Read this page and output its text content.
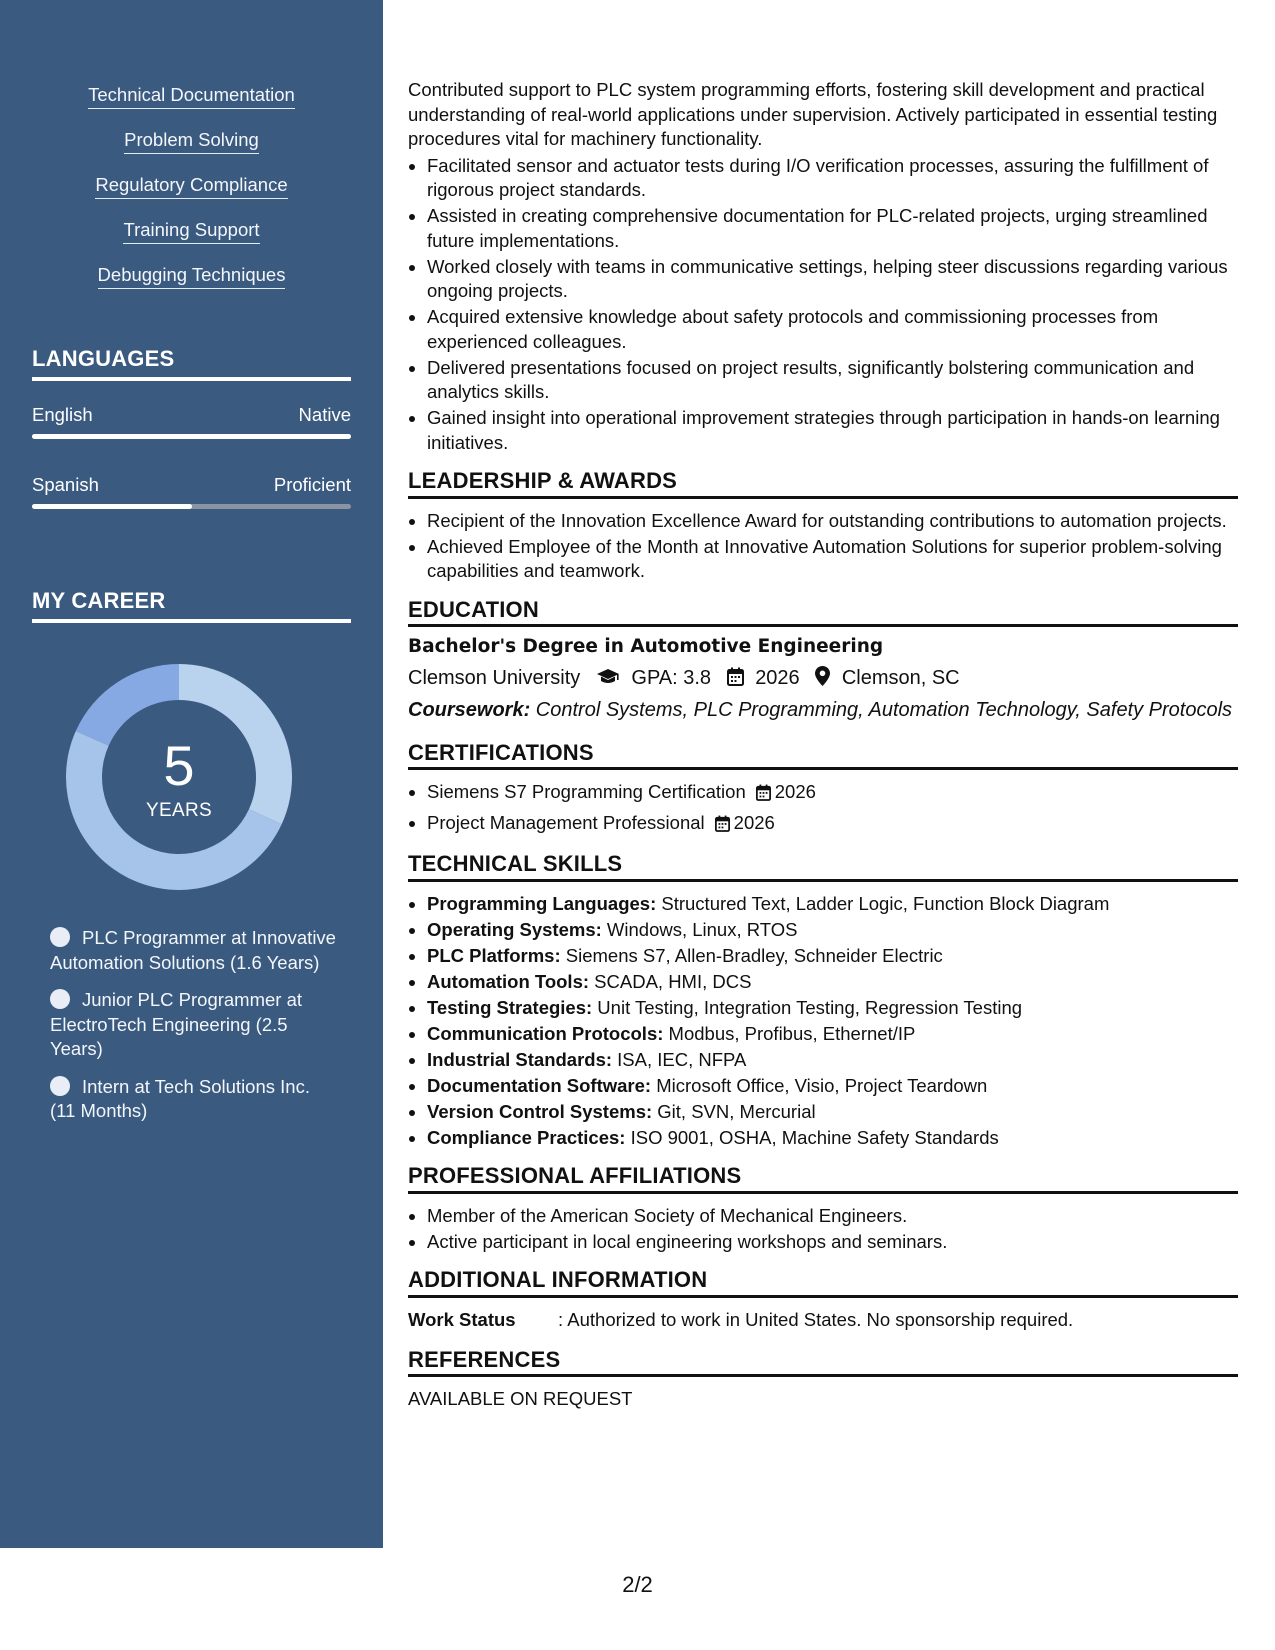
Technical Documentation
Problem Solving
Regulatory Compliance
Training Support
Debugging Techniques
LANGUAGES
English	Native
Spanish	Proficient
MY CAREER
5
YEARS
PLC Programmer at Innovative Automation Solutions (1.6 Years)
Junior PLC Programmer at ElectroTech Engineering (2.5 Years)
Intern at Tech Solutions Inc. (11 Months)
Contributed support to PLC system programming efforts, fostering skill development and practical understanding of real-world applications under supervision. Actively participated in essential testing procedures vital for machinery functionality.
Facilitated sensor and actuator tests during I/O verification processes, assuring the fulfillment of rigorous project standards.
Assisted in creating comprehensive documentation for PLC-related projects, urging streamlined future implementations.
Worked closely with teams in communicative settings, helping steer discussions regarding various ongoing projects.
Acquired extensive knowledge about safety protocols and commissioning processes from experienced colleagues.
Delivered presentations focused on project results, significantly bolstering communication and analytics skills.
Gained insight into operational improvement strategies through participation in hands-on learning initiatives.
LEADERSHIP & AWARDS
Recipient of the Innovation Excellence Award for outstanding contributions to automation projects.
Achieved Employee of the Month at Innovative Automation Solutions for superior problem-solving capabilities and teamwork.
EDUCATION
Bachelor's Degree in Automotive Engineering
Clemson University	GPA: 3.8 2026 Clemson, SC
Coursework: Control Systems, PLC Programming, Automation Technology, Safety Protocols
CERTIFICATIONS
Siemens S7 Programming Certification 2026
Project Management Professional 2026
TECHNICAL SKILLS
Programming Languages: Structured Text, Ladder Logic, Function Block Diagram
Operating Systems: Windows, Linux, RTOS
PLC Platforms: Siemens S7, Allen-Bradley, Schneider Electric
Automation Tools: SCADA, HMI, DCS
Testing Strategies: Unit Testing, Integration Testing, Regression Testing
Communication Protocols: Modbus, Profibus, Ethernet/IP
Industrial Standards: ISA, IEC, NFPA
Documentation Software: Microsoft Office, Visio, Project Teardown
Version Control Systems: Git, SVN, Mercurial
Compliance Practices: ISO 9001, OSHA, Machine Safety Standards
PROFESSIONAL AFFILIATIONS
Member of the American Society of Mechanical Engineers.
Active participant in local engineering workshops and seminars.
ADDITIONAL INFORMATION
Work Status : Authorized to work in United States. No sponsorship required.
REFERENCES
AVAILABLE ON REQUEST
2/2
